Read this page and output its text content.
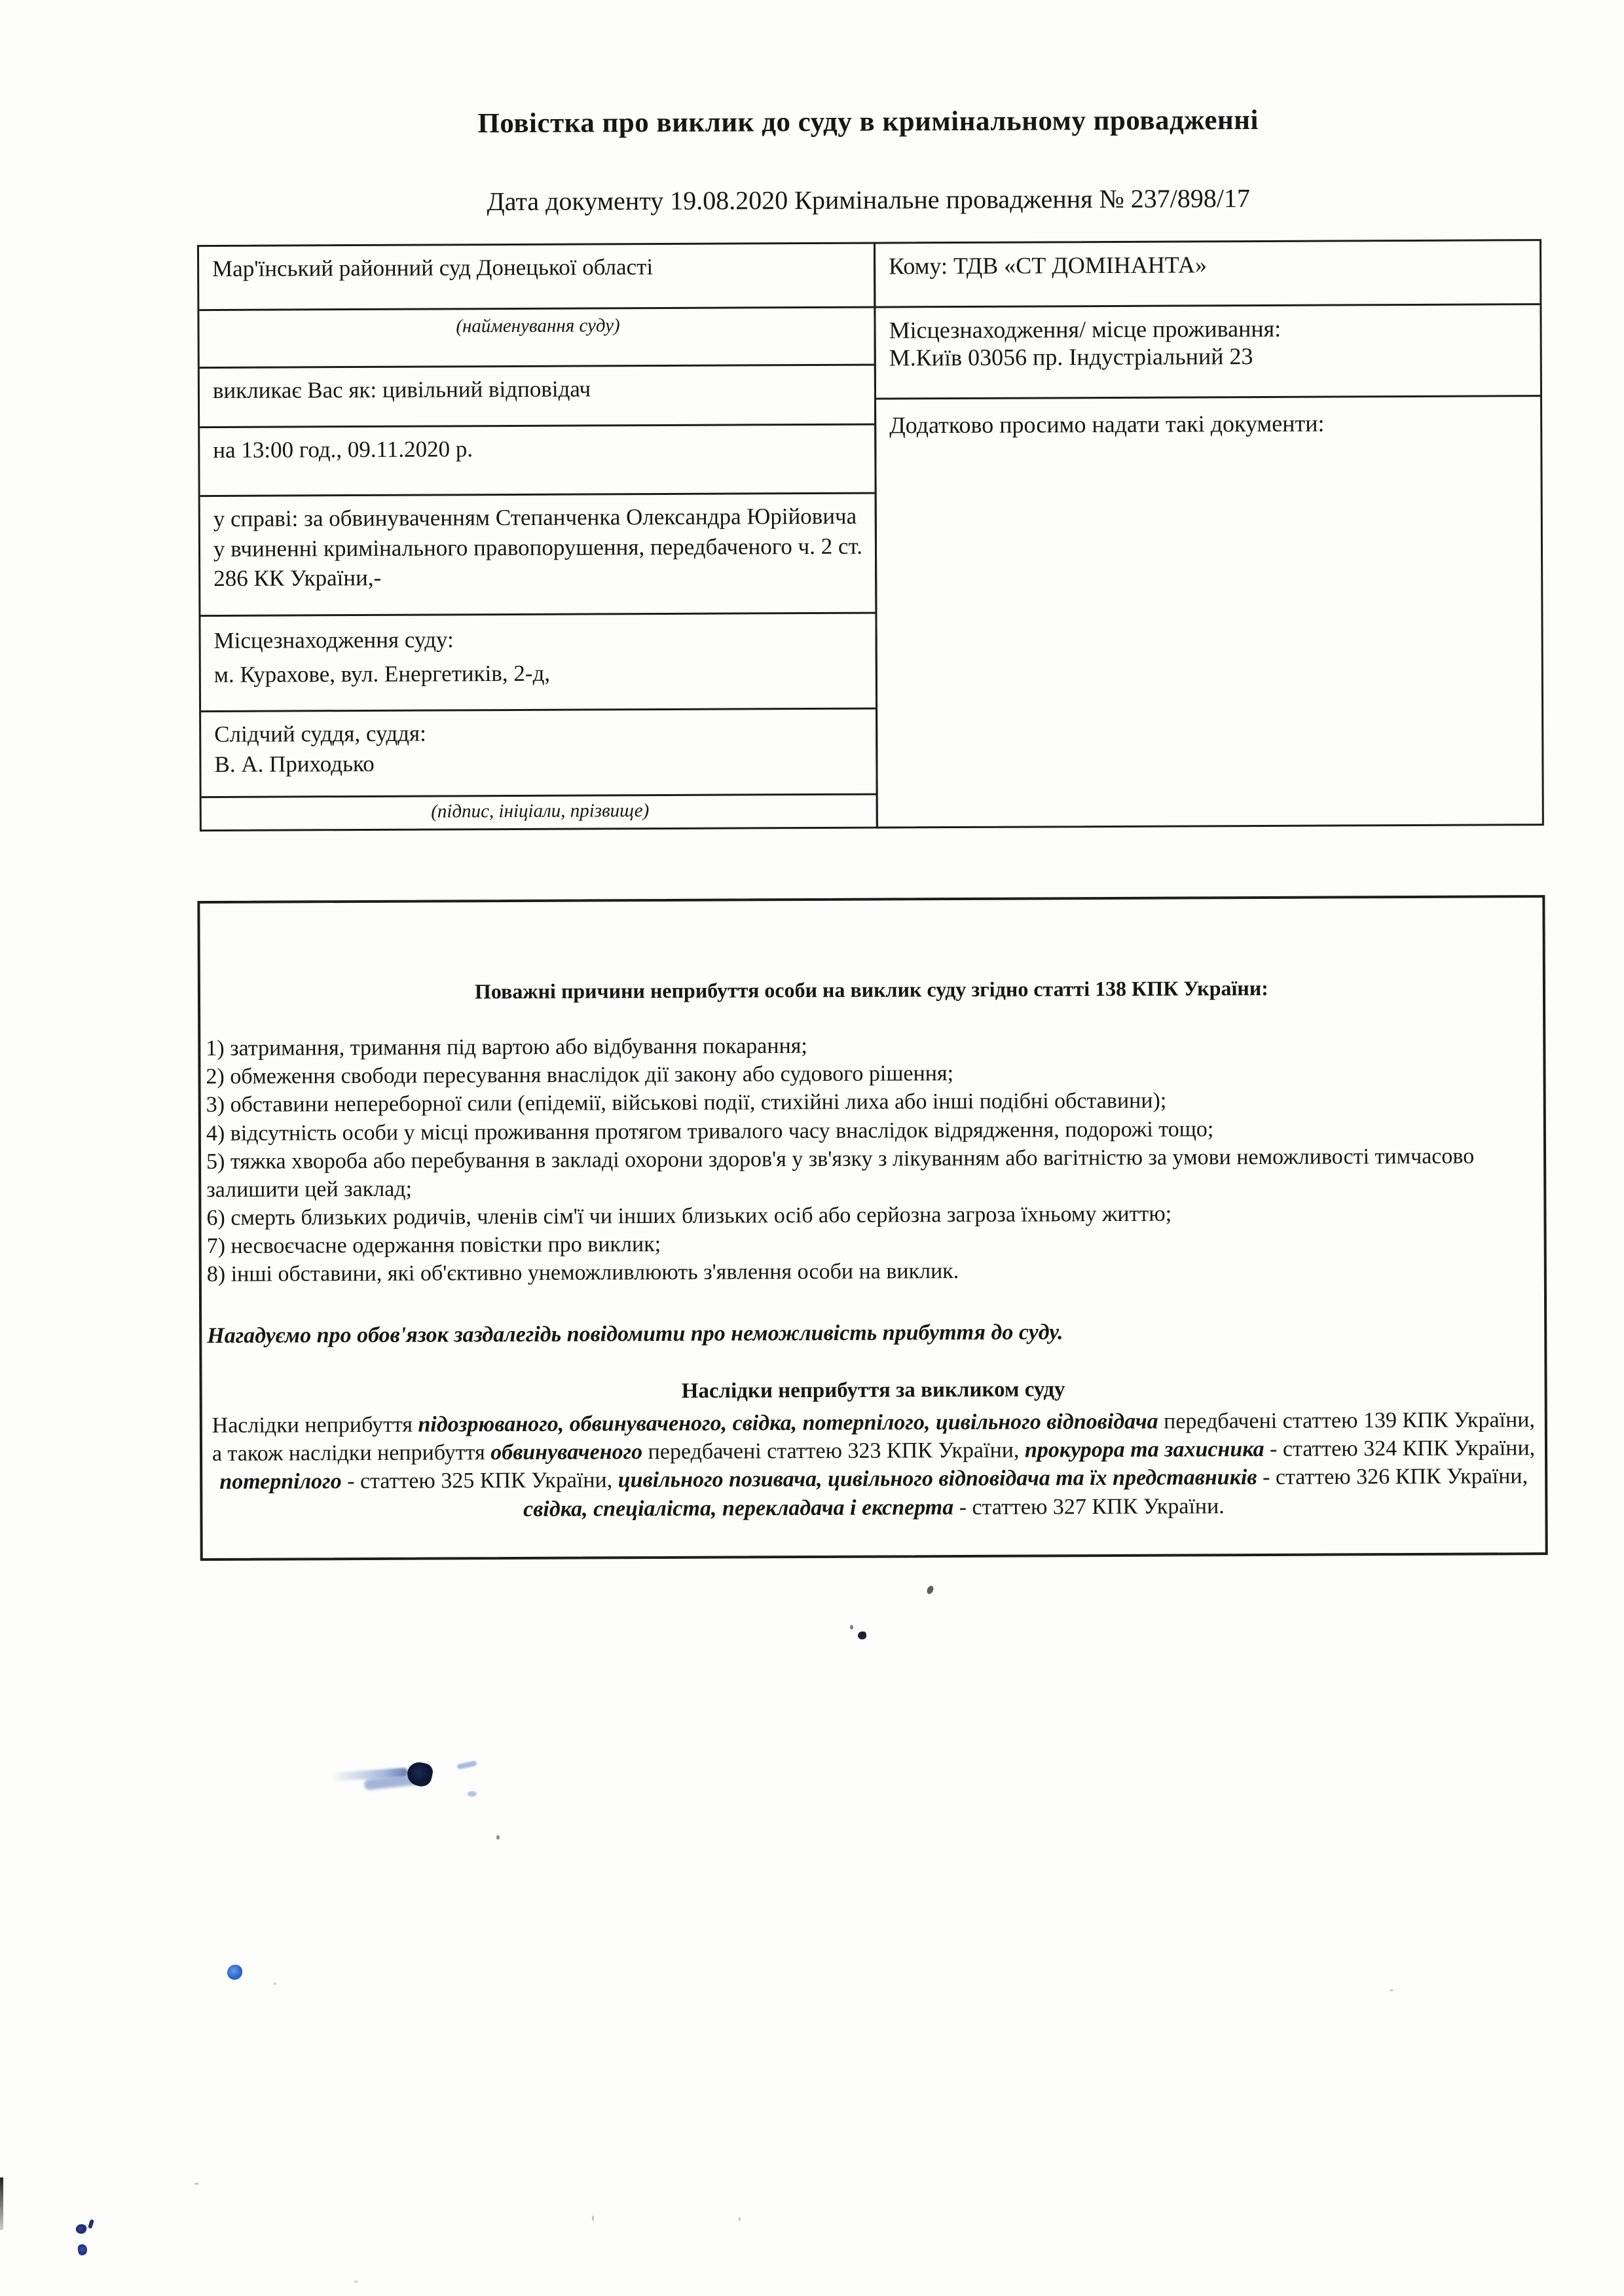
Повістка про виклик до суду в кримінальному провадженні
Дата документу 19.08.2020 Кримінальне провадження № 237/898/17
Мар'їнський районний суд Донецької області
(найменування суду)
викликає Вас як: цивільний відповідач
на 13:00 год., 09.11.2020 р.
у справі: за обвинуваченням Степанченка Олександра Юрійовича у вчиненні кримінального правопорушення, передбаченого ч. 2 ст. 286 КК України,-
Місцезнаходження суду:
м. Курахове, вул. Енергетиків, 2-д,
Слідчий суддя, суддя:
В. А. Приходько
(підпис, ініціали, прізвище)
Кому: ТДВ «СТ ДОМІНАНТА»
Місцезнаходження/ місце проживання:
М.Київ 03056 пр. Індустріальний 23
Додатково просимо надати такі документи:
Поважні причини неприбуття особи на виклик суду згідно статті 138 КПК України:
1) затримання, тримання під вартою або відбування покарання;
2) обмеження свободи пересування внаслідок дії закону або судового рішення;
3) обставини непереборної сили (епідемії, військові події, стихійні лиха або інші подібні обставини);
4) відсутність особи у місці проживання протягом тривалого часу внаслідок відрядження, подорожі тощо;
5) тяжка хвороба або перебування в закладі охорони здоров'я у зв'язку з лікуванням або вагітністю за умови неможливості тимчасово залишити цей заклад;
6) смерть близьких родичів, членів сім'ї чи інших близьких осіб або серйозна загроза їхньому життю;
7) несвоєчасне одержання повістки про виклик;
8) інші обставини, які об'єктивно унеможливлюють з'явлення особи на виклик.
Нагадуємо про обов'язок заздалегідь повідомити про неможливість прибуття до суду.
Наслідки неприбуття за викликом суду
Наслідки неприбуття підозрюваного, обвинуваченого, свідка, потерпілого, цивільного відповідача передбачені статтею 139 КПК України, а також наслідки неприбуття обвинуваченого передбачені статтею 323 КПК України, прокурора та захисника - статтею 324 КПК України, потерпілого - статтею 325 КПК України, цивільного позивача, цивільного відповідача та їх представників - статтею 326 КПК України, свідка, спеціаліста, перекладача і експерта - статтею 327 КПК України.
